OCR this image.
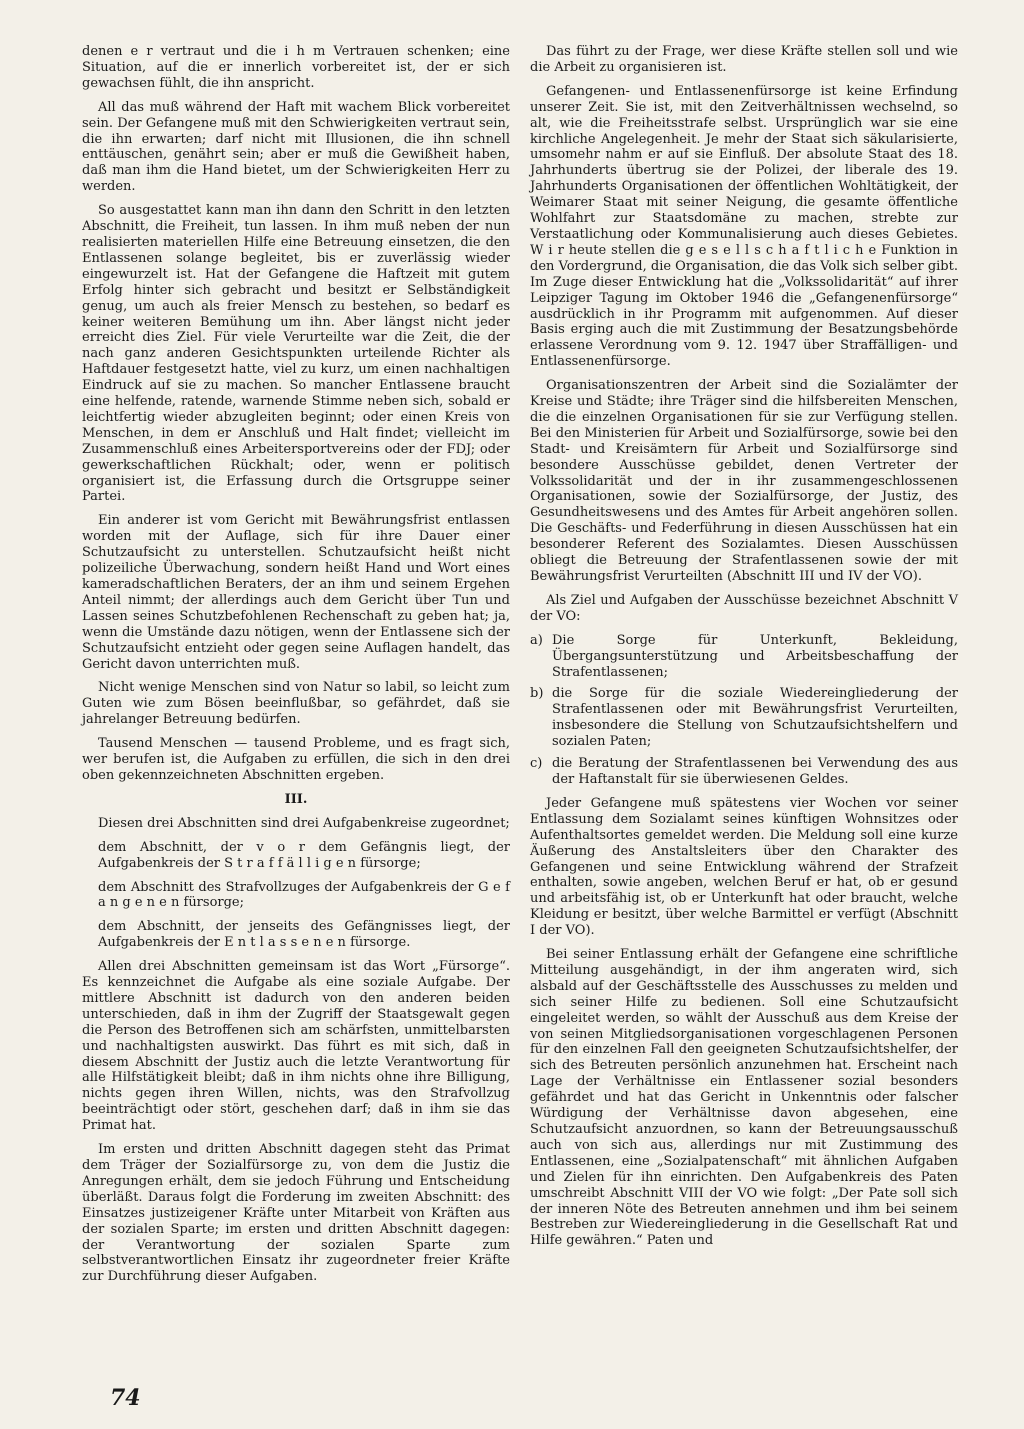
denen e r vertraut und die i h m Vertrauen schenken; eine Situation, auf die er innerlich vorbereitet ist, der er sich gewachsen fühlt, die ihn anspricht.

All das muß während der Haft mit wachem Blick vorbereitet sein. Der Gefangene muß mit den Schwierigkeiten vertraut sein, die ihn erwarten; darf nicht mit Illusionen, die ihn schnell enttäuschen, genährt sein; aber er muß die Gewißheit haben, daß man ihm die Hand bietet, um der Schwierigkeiten Herr zu werden.

So ausgestattet kann man ihn dann den Schritt in den letzten Abschnitt, die Freiheit, tun lassen. In ihm muß neben der nun realisierten materiellen Hilfe eine Betreuung einsetzen, die den Entlassenen solange begleitet, bis er zuverlässig wieder eingewurzelt ist. Hat der Gefangene die Haftzeit mit gutem Erfolg hinter sich gebracht und besitzt er Selbständigkeit genug, um auch als freier Mensch zu bestehen, so bedarf es keiner weiteren Bemühung um ihn. Aber längst nicht jeder erreicht dies Ziel. Für viele Verurteilte war die Zeit, die der nach ganz anderen Gesichtspunkten urteilende Richter als Haftdauer festgesetzt hatte, viel zu kurz, um einen nachhaltigen Eindruck auf sie zu machen. So mancher Entlassene braucht eine helfende, ratende, warnende Stimme neben sich, sobald er leichtfertig wieder abzugleiten beginnt; oder einen Kreis von Menschen, in dem er Anschluß und Halt findet; vielleicht im Zusammenschluß eines Arbeitersportvereins oder der FDJ; oder gewerkschaftlichen Rückhalt; oder, wenn er politisch organisiert ist, die Erfassung durch die Ortsgruppe seiner Partei.

Ein anderer ist vom Gericht mit Bewährungsfrist entlassen worden mit der Auflage, sich für ihre Dauer einer Schutzaufsicht zu unterstellen. Schutzaufsicht heißt nicht polizeiliche Überwachung, sondern heißt Hand und Wort eines kameradschaftlichen Beraters, der an ihm und seinem Ergehen Anteil nimmt; der allerdings auch dem Gericht über Tun und Lassen seines Schutzbefohlenen Rechenschaft zu geben hat; ja, wenn die Umstände dazu nötigen, wenn der Entlassene sich der Schutzaufsicht entzieht oder gegen seine Auflagen handelt, das Gericht davon unterrichten muß.

Nicht wenige Menschen sind von Natur so labil, so leicht zum Guten wie zum Bösen beeinflußbar, so gefährdet, daß sie jahrelanger Betreuung bedürfen.

Tausend Menschen — tausend Probleme, und es fragt sich, wer berufen ist, die Aufgaben zu erfüllen, die sich in den drei oben gekennzeichneten Abschnitten ergeben.

III.

Diesen drei Abschnitten sind drei Aufgabenkreise zugeordnet;

dem Abschnitt, der v o r dem Gefängnis liegt, der Aufgabenkreis der S t r a f f ä l l i g e n fürsorge;

dem Abschnitt des Strafvollzuges der Aufgabenkreis der G e f a n g e n e n fürsorge;

dem Abschnitt, der jenseits des Gefängnisses liegt, der Aufgabenkreis der E n t l a s s e n e n fürsorge.

Allen drei Abschnitten gemeinsam ist das Wort „Fürsorge“. Es kennzeichnet die Aufgabe als eine soziale Aufgabe. Der mittlere Abschnitt ist dadurch von den anderen beiden unterschieden, daß in ihm der Zugriff der Staatsgewalt gegen die Person des Betroffenen sich am schärfsten, unmittelbarsten und nachhaltigsten auswirkt. Das führt es mit sich, daß in diesem Abschnitt der Justiz auch die letzte Verantwortung für alle Hilfstätigkeit bleibt; daß in ihm nichts ohne ihre Billigung, nichts gegen ihren Willen, nichts, was den Strafvollzug beeinträchtigt oder stört, geschehen darf; daß in ihm sie das Primat hat.

Im ersten und dritten Abschnitt dagegen steht das Primat dem Träger der Sozialfürsorge zu, von dem die Justiz die Anregungen erhält, dem sie jedoch Führung und Entscheidung überläßt. Daraus folgt die Forderung im zweiten Abschnitt: des Einsatzes justizeigener Kräfte unter Mitarbeit von Kräften aus der sozialen Sparte; im ersten und dritten Abschnitt dagegen: der Verantwortung der sozialen Sparte zum selbstverantwortlichen Einsatz ihr zugeordneter freier Kräfte zur Durchführung dieser Aufgaben.

Das führt zu der Frage, wer diese Kräfte stellen soll und wie die Arbeit zu organisieren ist.

Gefangenen- und Entlassenenfürsorge ist keine Erfindung unserer Zeit. Sie ist, mit den Zeitverhältnissen wechselnd, so alt, wie die Freiheitsstrafe selbst. Ursprünglich war sie eine kirchliche Angelegenheit. Je mehr der Staat sich säkularisierte, umsomehr nahm er auf sie Einfluß. Der absolute Staat des 18. Jahrhunderts übertrug sie der Polizei, der liberale des 19. Jahrhunderts Organisationen der öffentlichen Wohltätigkeit, der Weimarer Staat mit seiner Neigung, die gesamte öffentliche Wohlfahrt zur Staatsdomäne zu machen, strebte zur Verstaatlichung oder Kommunalisierung auch dieses Gebietes. W i r heute stellen die g e s e l l s c h a f t l i c h e Funktion in den Vordergrund, die Organisation, die das Volk sich selber gibt. Im Zuge dieser Entwicklung hat die „Volkssolidarität“ auf ihrer Leipziger Tagung im Oktober 1946 die „Gefangenenfürsorge“ ausdrücklich in ihr Programm mit aufgenommen. Auf dieser Basis erging auch die mit Zustimmung der Besatzungsbehörde erlassene Verordnung vom 9. 12. 1947 über Straffälligen- und Entlassenenfürsorge.

Organisationszentren der Arbeit sind die Sozialämter der Kreise und Städte; ihre Träger sind die hilfsbereiten Menschen, die die einzelnen Organisationen für sie zur Verfügung stellen. Bei den Ministerien für Arbeit und Sozialfürsorge, sowie bei den Stadt- und Kreisämtern für Arbeit und Sozialfürsorge sind besondere Ausschüsse gebildet, denen Vertreter der Volkssolidarität und der in ihr zusammengeschlossenen Organisationen, sowie der Sozialfürsorge, der Justiz, des Gesundheitswesens und des Amtes für Arbeit angehören sollen. Die Geschäfts- und Federführung in diesen Ausschüssen hat ein besonderer Referent des Sozialamtes. Diesen Ausschüssen obliegt die Betreuung der Strafentlassenen sowie der mit Bewährungsfrist Verurteilten (Abschnitt III und IV der VO).

Als Ziel und Aufgaben der Ausschüsse bezeichnet Abschnitt V der VO:

a) Die Sorge für Unterkunft, Bekleidung, Übergangsunterstützung und Arbeitsbeschaffung der Strafentlassenen;
b) die Sorge für die soziale Wiedereingliederung der Strafentlassenen oder mit Bewährungsfrist Verurteilten, insbesondere die Stellung von Schutzaufsichtshelfern und sozialen Paten;
c) die Beratung der Strafentlassenen bei Verwendung des aus der Haftanstalt für sie überwiesenen Geldes.

Jeder Gefangene muß spätestens vier Wochen vor seiner Entlassung dem Sozialamt seines künftigen Wohnsitzes oder Aufenthaltsortes gemeldet werden. Die Meldung soll eine kurze Äußerung des Anstaltsleiters über den Charakter des Gefangenen und seine Entwicklung während der Strafzeit enthalten, sowie angeben, welchen Beruf er hat, ob er gesund und arbeitsfähig ist, ob er Unterkunft hat oder braucht, welche Kleidung er besitzt, über welche Barmittel er verfügt (Abschnitt I der VO).

Bei seiner Entlassung erhält der Gefangene eine schriftliche Mitteilung ausgehändigt, in der ihm angeraten wird, sich alsbald auf der Geschäftsstelle des Ausschusses zu melden und sich seiner Hilfe zu bedienen. Soll eine Schutzaufsicht eingeleitet werden, so wählt der Ausschuß aus dem Kreise der von seinen Mitgliedsorganisationen vorgeschlagenen Personen für den einzelnen Fall den geeigneten Schutzaufsichtshelfer, der sich des Betreuten persönlich anzunehmen hat. Erscheint nach Lage der Verhältnisse ein Entlassener sozial besonders gefährdet und hat das Gericht in Unkenntnis oder falscher Würdigung der Verhältnisse davon abgesehen, eine Schutzaufsicht anzuordnen, so kann der Betreuungsausschuß auch von sich aus, allerdings nur mit Zustimmung des Entlassenen, eine „Sozialpatenschaft“ mit ähnlichen Aufgaben und Zielen für ihn einrichten. Den Aufgabenkreis des Paten umschreibt Abschnitt VIII der VO wie folgt: „Der Pate soll sich der inneren Nöte des Betreuten annehmen und ihm bei seinem Bestreben zur Wiedereingliederung in die Gesellschaft Rat und Hilfe gewähren.“ Paten und

74
